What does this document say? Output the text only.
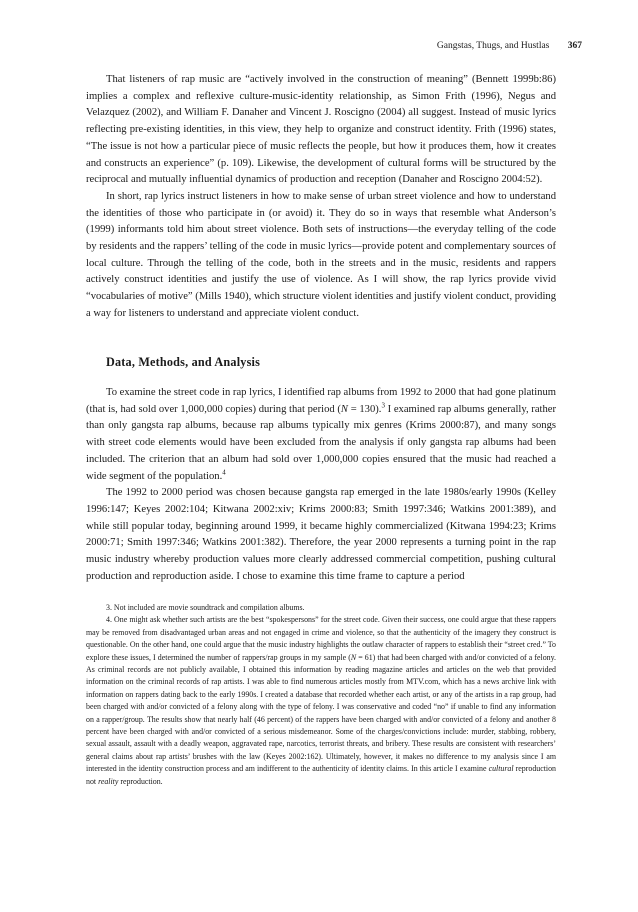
Gangstas, Thugs, and Hustlas 367

That listeners of rap music are “actively involved in the construction of meaning” (Bennett 1999b:86) implies a complex and reflexive culture-music-identity relationship, as Simon Frith (1996), Negus and Velazquez (2002), and William F. Danaher and Vincent J. Roscigno (2004) all suggest. Instead of music lyrics reflecting pre-existing identities, in this view, they help to organize and construct identity. Frith (1996) states, “The issue is not how a particular piece of music reflects the people, but how it produces them, how it creates and constructs an experience” (p. 109). Likewise, the development of cultural forms will be structured by the reciprocal and mutually influential dynamics of production and reception (Danaher and Roscigno 2004:52).

In short, rap lyrics instruct listeners in how to make sense of urban street violence and how to understand the identities of those who participate in (or avoid) it. They do so in ways that resemble what Anderson’s (1999) informants told him about street violence. Both sets of instructions—the everyday telling of the code by residents and the rappers’ telling of the code in music lyrics—provide potent and complementary sources of local culture. Through the telling of the code, both in the streets and in the music, residents and rappers actively construct identities and justify the use of violence. As I will show, the rap lyrics provide vivid “vocabularies of motive” (Mills 1940), which structure violent identities and justify violent conduct, providing a way for listeners to understand and appreciate violent conduct.

Data, Methods, and Analysis

To examine the street code in rap lyrics, I identified rap albums from 1992 to 2000 that had gone platinum (that is, had sold over 1,000,000 copies) during that period (N = 130).$^3$ I examined rap albums generally, rather than only gangsta rap albums, because rap albums typically mix genres (Krims 2000:87), and many songs with street code elements would have been excluded from the analysis if only gangsta rap albums had been included. The criterion that an album had sold over 1,000,000 copies ensured that the music had reached a wide segment of the population.$^4$

The 1992 to 2000 period was chosen because gangsta rap emerged in the late 1980s/early 1990s (Kelley 1996:147; Keyes 2002:104; Kitwana 2002:xiv; Krims 2000:83; Smith 1997:346; Watkins 2001:389), and while still popular today, beginning around 1999, it became highly commercialized (Kitwana 1994:23; Krims 2000:71; Smith 1997:346; Watkins 2001:382). Therefore, the year 2000 represents a turning point in the rap music industry whereby production values more clearly addressed commercial competition, pushing cultural production and reproduction aside. I chose to examine this time frame to capture a period

3. Not included are movie soundtrack and compilation albums.

4. One might ask whether such artists are the best “spokespersons” for the street code. Given their success, one could argue that these rappers may be removed from disadvantaged urban areas and not engaged in crime and violence, so that the authenticity of the imagery they construct is questionable. On the other hand, one could argue that the music industry highlights the outlaw character of rappers to establish their “street cred.” To explore these issues, I determined the number of rappers/rap groups in my sample (N = 61) that had been charged with and/or convicted of a felony. As criminal records are not publicly available, I obtained this information by reading magazine articles and articles on the web that provided information on the criminal records of rap artists. I was able to find numerous articles mostly from MTV.com, which has a news archive link with information on rappers dating back to the early 1990s. I created a database that recorded whether each artist, or any of the artists in a rap group, had been charged with and/or convicted of a felony along with the type of felony. I was conservative and coded “no” if unable to find any information on a rapper/group. The results show that nearly half (46 percent) of the rappers have been charged with and/or convicted of a felony and another 8 percent have been charged with and/or convicted of a serious misdemeanor. Some of the charges/convictions include: murder, stabbing, robbery, sexual assault, assault with a deadly weapon, aggravated rape, narcotics, terrorist threats, and bribery. These results are consistent with researchers’ general claims about rap artists’ brushes with the law (Keyes 2002:162). Ultimately, however, it makes no difference to my analysis since I am interested in the identity construction process and am indifferent to the authenticity of identity claims. In this article I examine cultural reproduction not reality reproduction.
